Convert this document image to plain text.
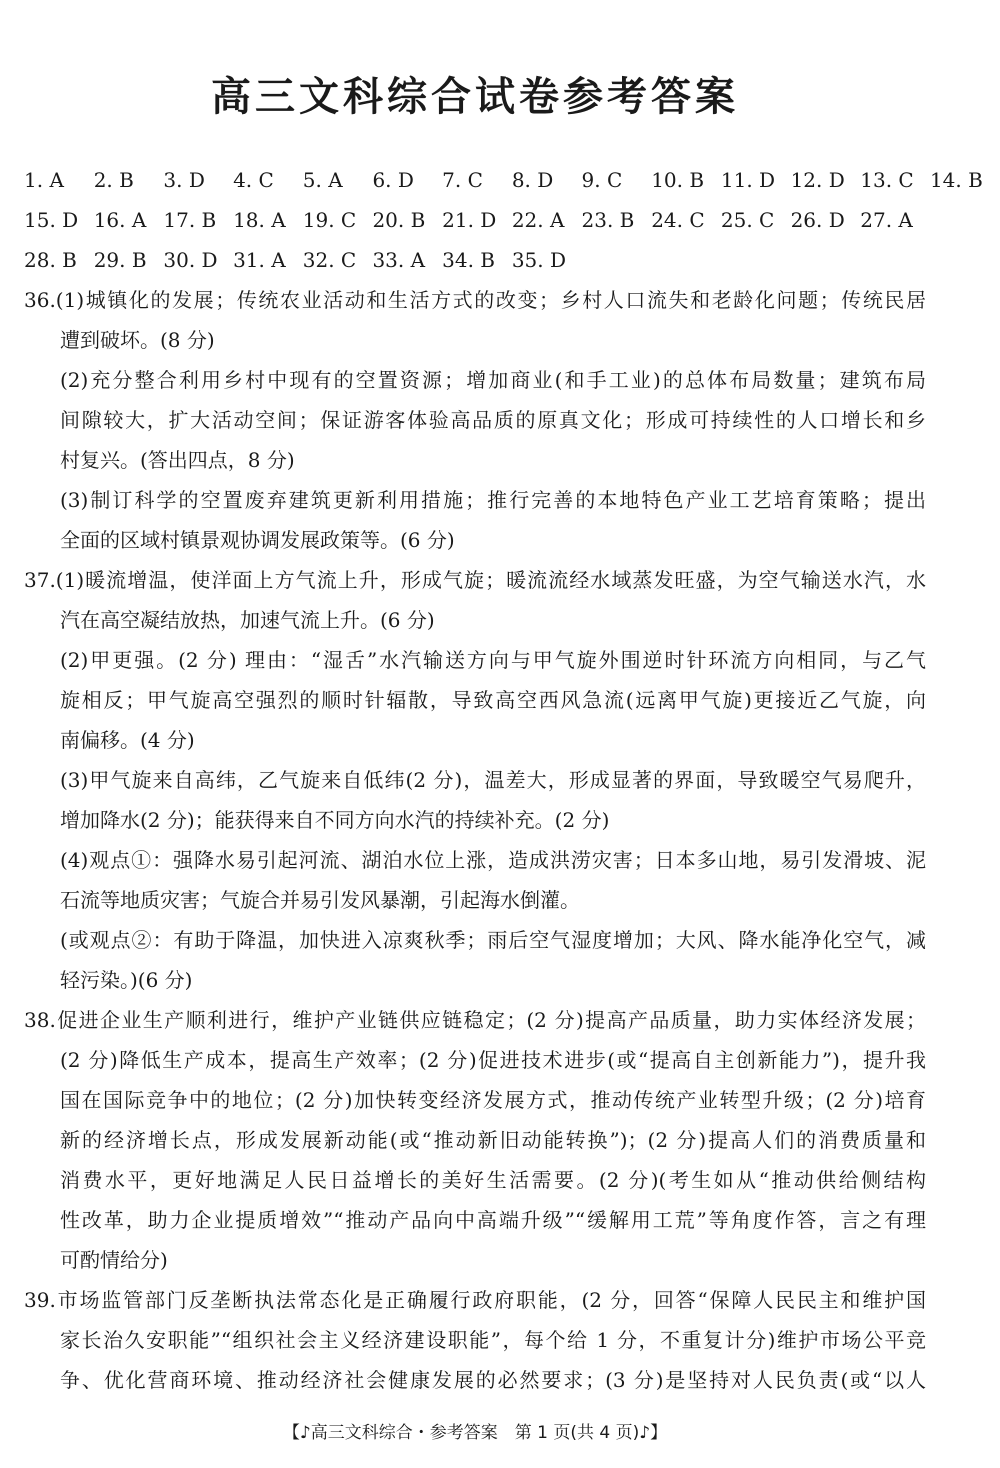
高三文科综合试卷参考答案
1. A 2. B 3. D 4. C 5. A 6. D 7. C 8. D 9. C 10. B 11. D 12. D 13. C 14. B
15. D 16. A 17. B 18. A 19. C 20. B 21. D 22. A 23. B 24. C 25. C 26. D 27. A
28. B 29. B 30. D 31. A 32. C 33. A 34. B 35. D
36.(1)城镇化的发展；传统农业活动和生活方式的改变；乡村人口流失和老龄化问题；传统民居
遭到破坏。(8 分)
(2)充分整合利用乡村中现有的空置资源；增加商业(和手工业)的总体布局数量；建筑布局
间隙较大，扩大活动空间；保证游客体验高品质的原真文化；形成可持续性的人口增长和乡
村复兴。(答出四点，8 分)
(3)制订科学的空置废弃建筑更新利用措施；推行完善的本地特色产业工艺培育策略；提出
全面的区域村镇景观协调发展政策等。(6 分)
37.(1)暖流增温，使洋面上方气流上升，形成气旋；暖流流经水域蒸发旺盛，为空气输送水汽，水
汽在高空凝结放热，加速气流上升。(6 分)
(2)甲更强。(2 分) 理由：“湿舌”水汽输送方向与甲气旋外围逆时针环流方向相同，与乙气
旋相反；甲气旋高空强烈的顺时针辐散，导致高空西风急流(远离甲气旋)更接近乙气旋，向
南偏移。(4 分)
(3)甲气旋来自高纬，乙气旋来自低纬(2 分)，温差大，形成显著的界面，导致暖空气易爬升，
增加降水(2 分)；能获得来自不同方向水汽的持续补充。(2 分)
(4)观点①：强降水易引起河流、湖泊水位上涨，造成洪涝灾害；日本多山地，易引发滑坡、泥
石流等地质灾害；气旋合并易引发风暴潮，引起海水倒灌。
(或观点②：有助于降温，加快进入凉爽秋季；雨后空气湿度增加；大风、降水能净化空气，减
轻污染。)(6 分)
38.促进企业生产顺利进行，维护产业链供应链稳定；(2 分)提高产品质量，助力实体经济发展；
(2 分)降低生产成本，提高生产效率；(2 分)促进技术进步(或“提高自主创新能力”)，提升我
国在国际竞争中的地位；(2 分)加快转变经济发展方式，推动传统产业转型升级；(2 分)培育
新的经济增长点，形成发展新动能(或“推动新旧动能转换”)；(2 分)提高人们的消费质量和
消费水平，更好地满足人民日益增长的美好生活需要。(2 分)(考生如从“推动供给侧结构
性改革，助力企业提质增效”“推动产品向中高端升级”“缓解用工荒”等角度作答，言之有理
可酌情给分)
39.市场监管部门反垄断执法常态化是正确履行政府职能，(2 分，回答“保障人民民主和维护国
家长治久安职能”“组织社会主义经济建设职能”，每个给 1 分，不重复计分)维护市场公平竞
争、优化营商环境、推动经济社会健康发展的必然要求；(3 分)是坚持对人民负责(或“以人
【♪高三文科综合・参考答案　第 1 页(共 4 页)♪】
